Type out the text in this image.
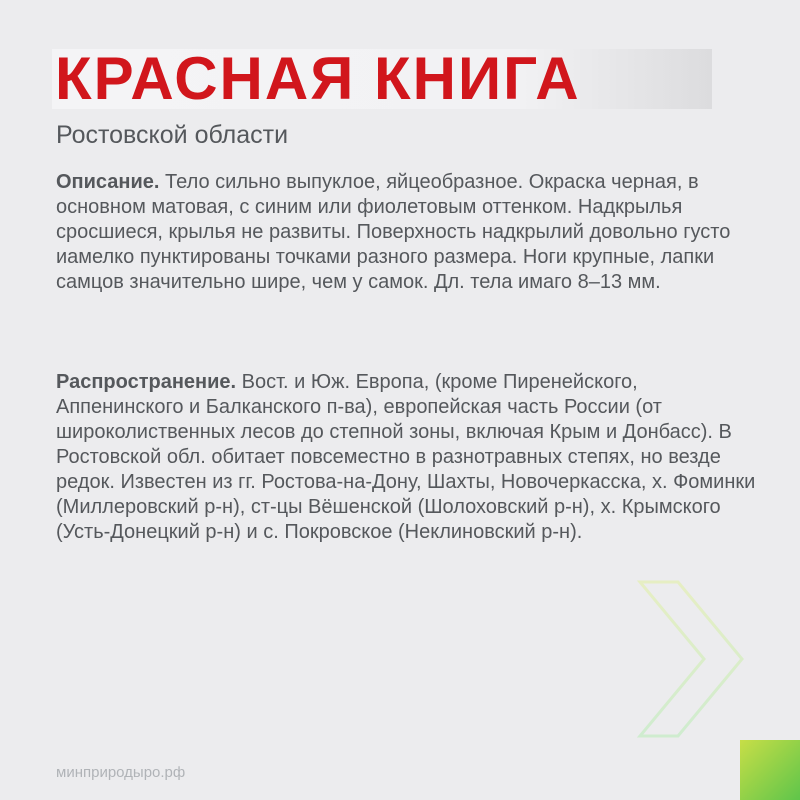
КРАСНАЯ КНИГА
Ростовской области

Описание. Тело сильно выпуклое, яйцеобразное. Окраска черная, в основном матовая, с синим или фиолетовым оттенком. Надкрылья сросшиеся, крылья не развиты. Поверхность надкрылий довольно густо иамелко пунктированы точками разного размера. Ноги крупные, лапки самцов значительно шире, чем у самок. Дл. тела имаго 8–13 мм.

Распространение. Вост. и Юж. Европа, (кроме Пиренейского, Аппенинского и Балканского п-ва), европейская часть России (от широколиственных лесов до степной зоны, включая Крым и Донбасс). В Ростовской обл. обитает повсеместно в разнотравных степях, но везде редок. Известен из гг. Ростова-на-Дону, Шахты, Новочеркасска, х. Фоминки (Миллеровский р-н), ст-цы Вёшенской (Шолоховский р-н), х. Крымского (Усть-Донецкий р-н) и с. Покровское (Неклиновский р-н).

минприродыро.рф
